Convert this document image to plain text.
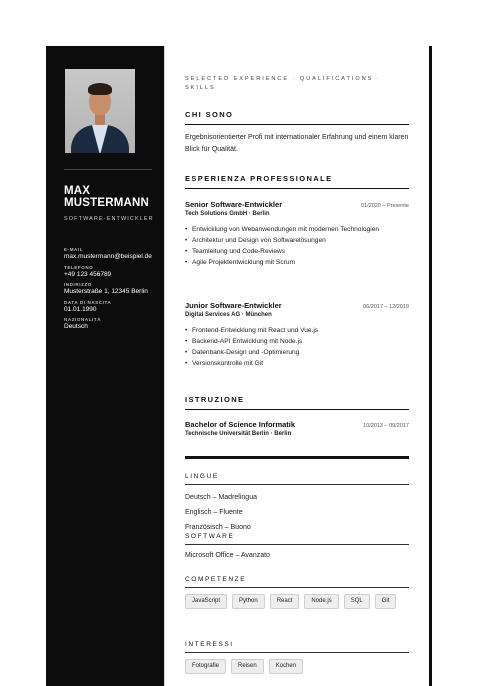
MAX MUSTERMANN
SOFTWARE-ENTWICKLER
E-MAIL
max.mustermann@beispiel.de
TELEFONO
+49 123 456789
INDIRIZZO
Musterstraße 1, 12345 Berlin
DATA DI NASCITA
01.01.1990
NAZIONALITÀ
Deutsch
SELECTED EXPERIENCE · QUALIFICATIONS · SKILLS
CHI SONO
Ergebnisorientierter Profi mit internationaler Erfahrung und einem klaren Blick für Qualität.
ESPERIENZA PROFESSIONALE
Senior Software-Entwickler	01/2020 – Presente
Tech Solutions GmbH · Berlin
• Entwicklung von Webanwendungen mit modernen Technologien
• Architektur und Design von Softwarelösungen
• Teamleitung und Code-Reviews
• Agile Projektentwicklung mit Scrum
Junior Software-Entwickler	06/2017 – 12/2019
Digital Services AG · München
• Frontend-Entwicklung mit React und Vue.js
• Backend-API Entwicklung mit Node.js
• Datenbank-Design und -Optimierung
• Versionskontrolle mit Git
ISTRUZIONE
Bachelor of Science Informatik	10/2013 – 09/2017
Technische Universität Berlin · Berlin
LINGUE
Deutsch – Madrelingua
Englisch – Fluente
Französisch – Buono
SOFTWARE
Microsoft Office – Avanzato
COMPETENZE
JavaScript	Python	React	Node.js	SQL	Git
INTERESSI
Fotografie	Reisen	Kochen
